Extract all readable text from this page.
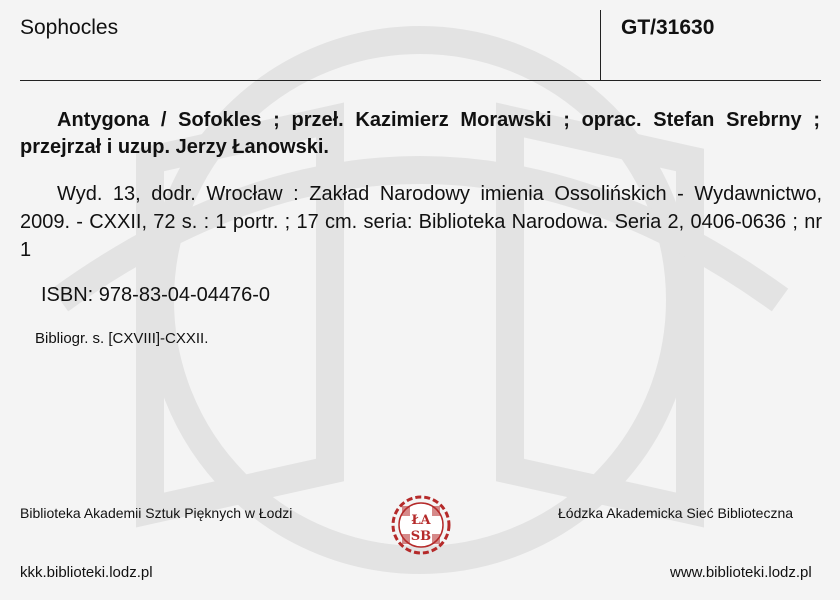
Sophocles	GT/31630
Antygona / Sofokles ; przeł. Kazimierz Morawski ; oprac. Stefan Srebrny ; przejrzał i uzup. Jerzy Łanowski.
Wyd. 13, dodr. Wrocław : Zakład Narodowy imienia Ossolińskich - Wydawnictwo, 2009. - CXXII, 72 s. : 1 portr. ; 17 cm. seria: Biblioteka Narodowa. Seria 2, 0406-0636 ; nr 1
ISBN: 978-83-04-04476-0
Bibliogr. s. [CXVIII]-CXXII.
Biblioteka Akademii Sztuk Pięknych w Łodzi	Łódzka Akademicka Sieć Biblioteczna
ŁA
SB
kkk.biblioteki.lodz.pl	www.biblioteki.lodz.pl
